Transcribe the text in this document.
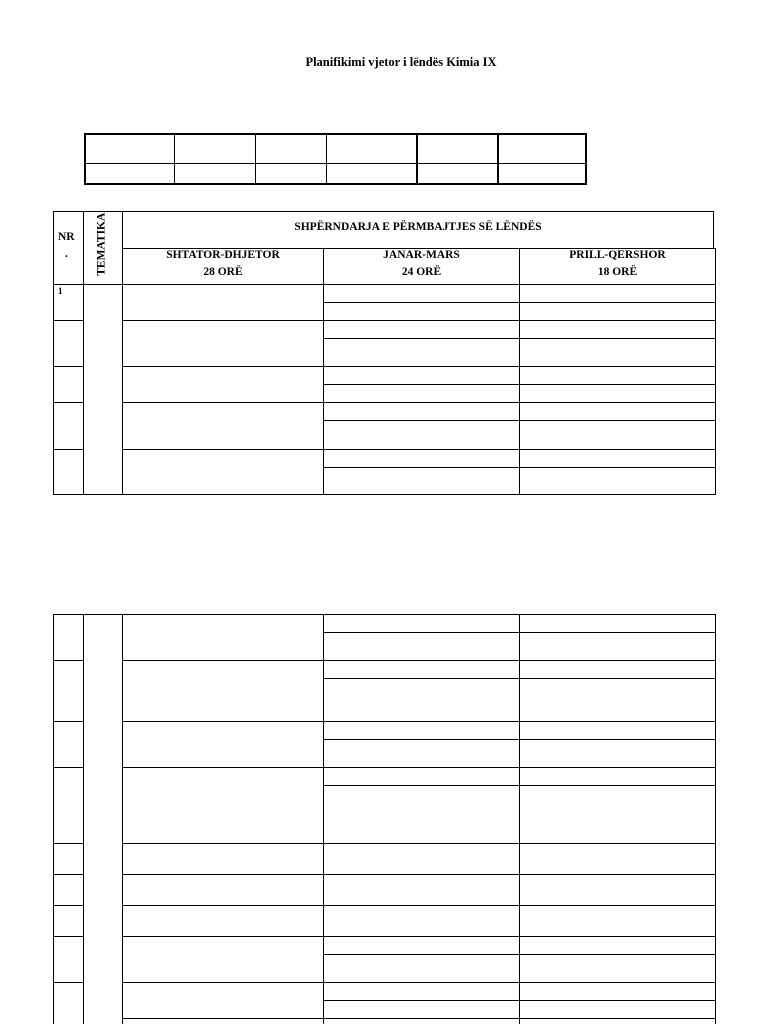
Planifikimi vjetor i lëndës Kimia IX
NR
. TEMATIKA	SHPËRNDARJA E PËRMBAJTJES SË LËNDËS
SHTATOR-DHJETOR
28 ORË
JANAR-MARS
24 ORË
PRILL-QERSHOR
18 ORË
1
